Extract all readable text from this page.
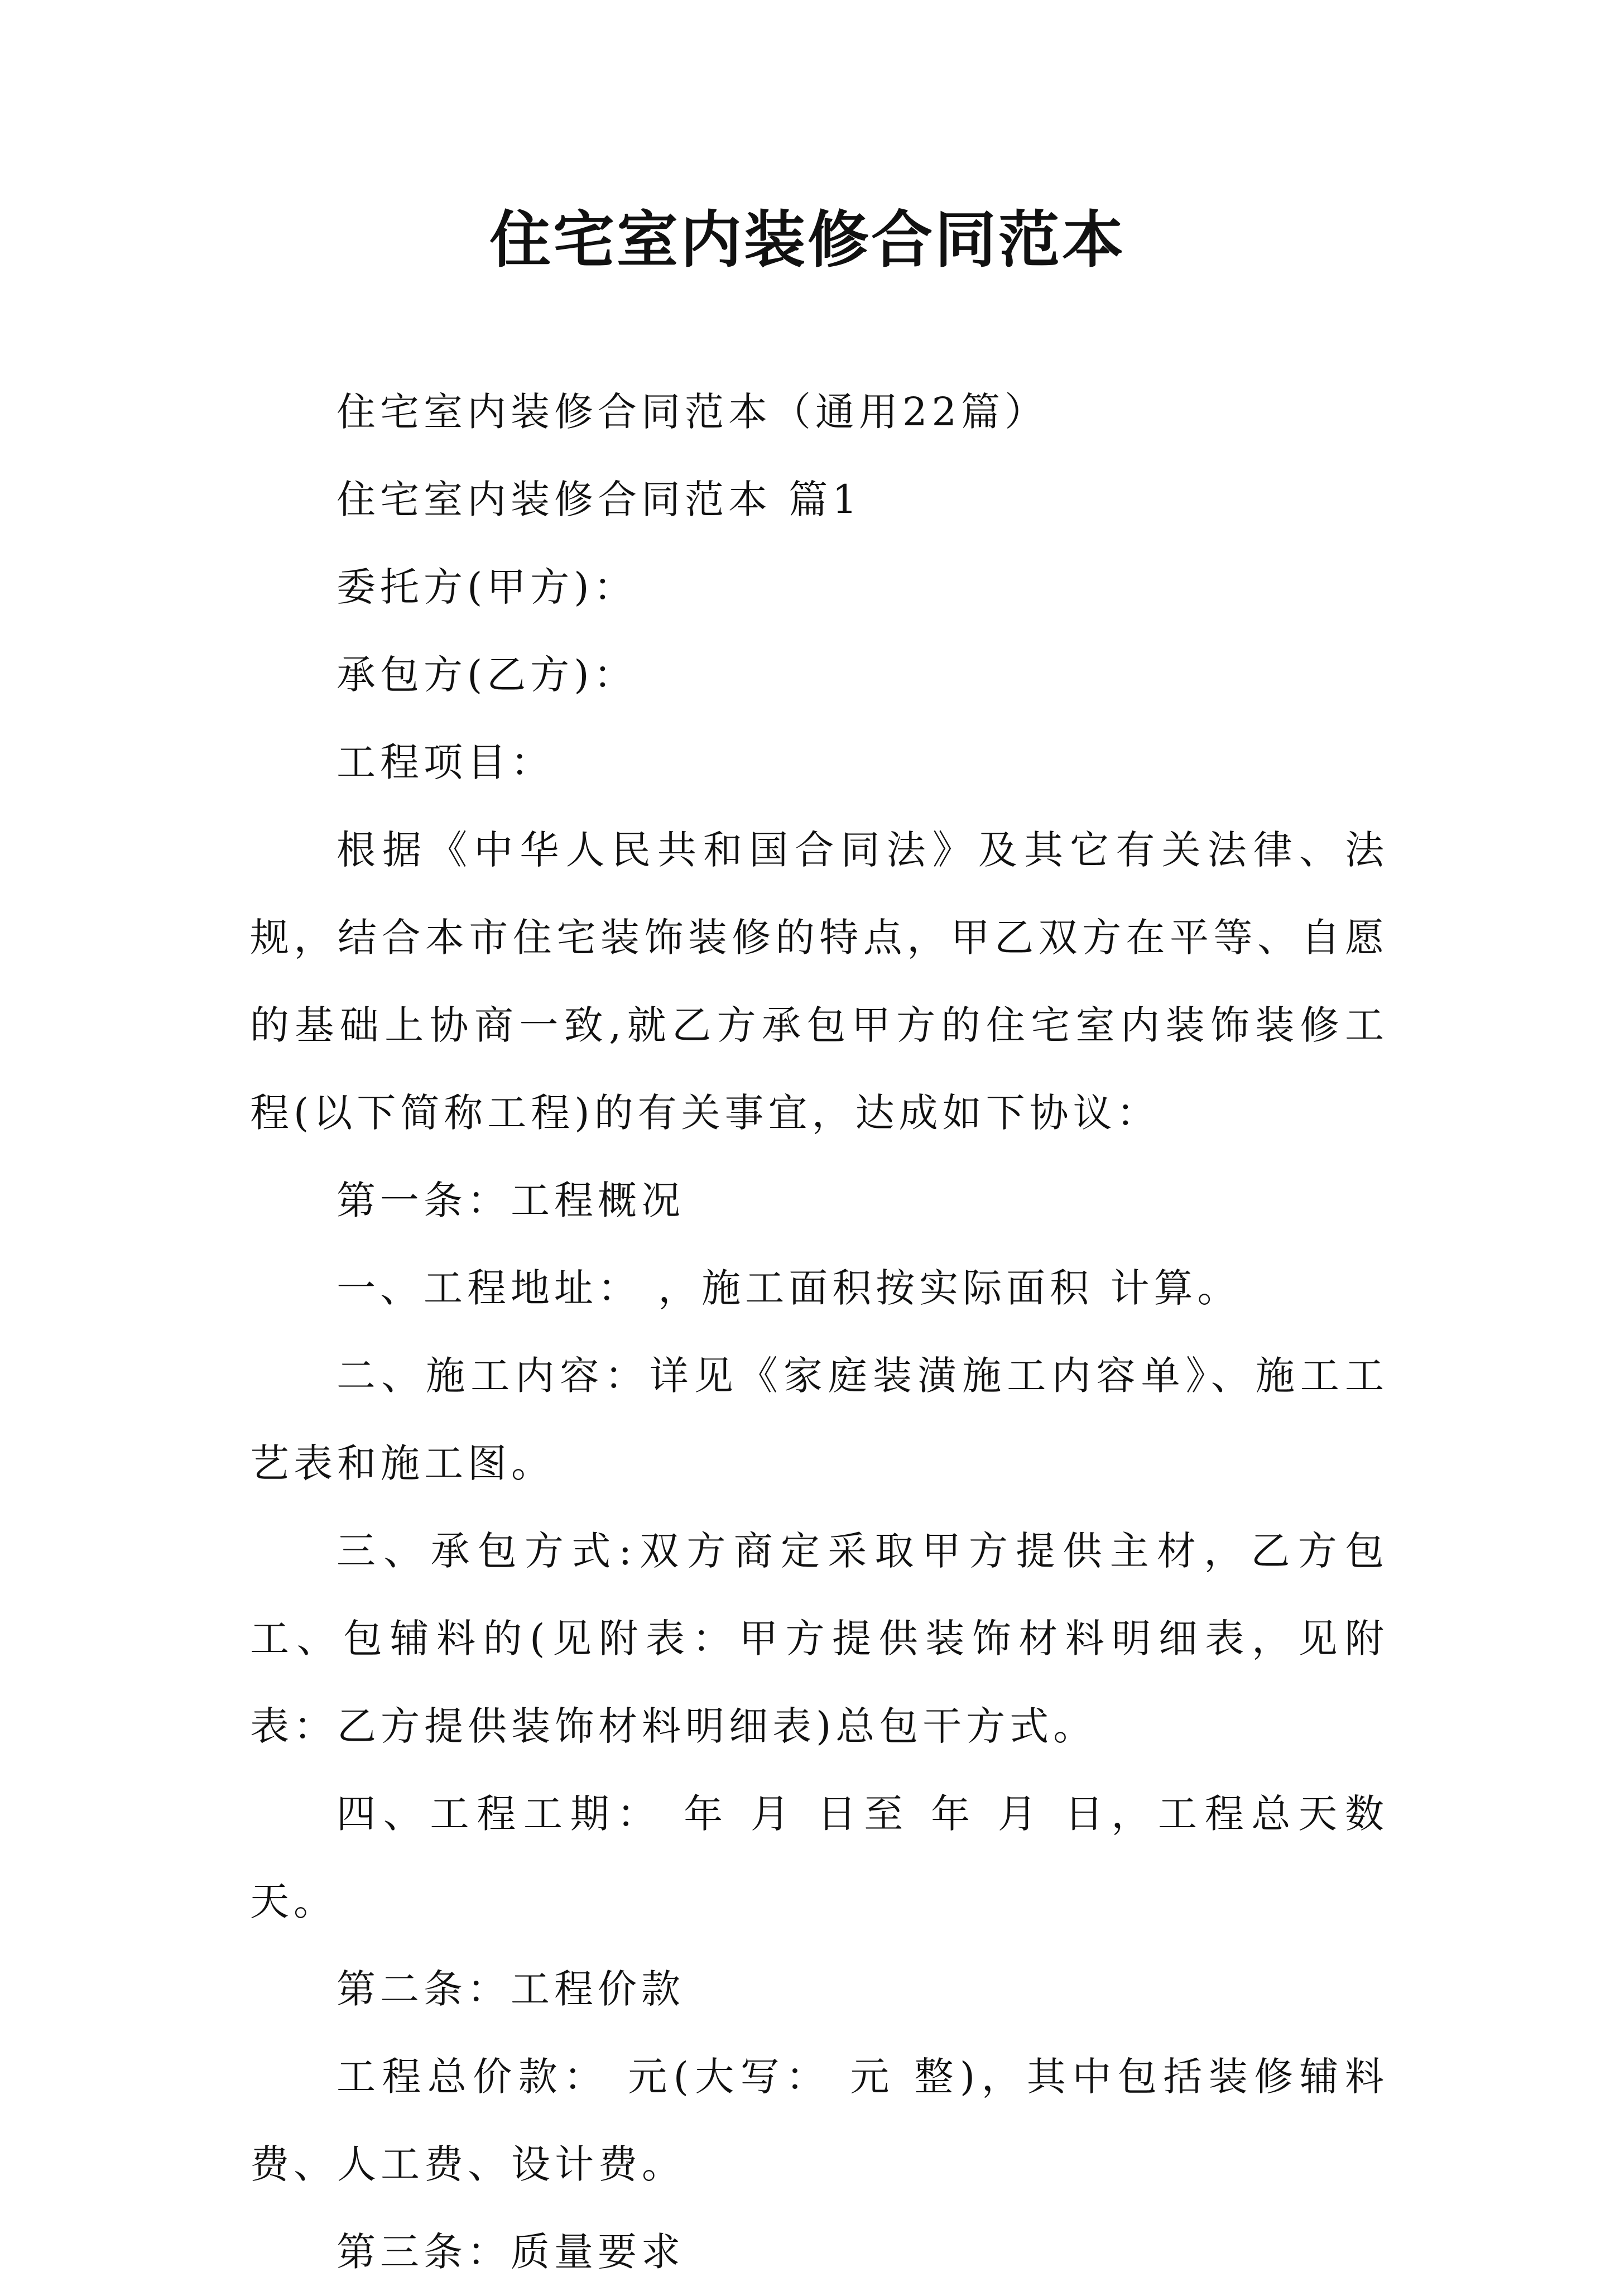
住宅室内装修合同范本

住宅室内装修合同范本（通用22篇）

住宅室内装修合同范本 篇1

委托方(甲方)：

承包方(乙方)：

工程项目：

根据《中华人民共和国合同法》及其它有关法律、法规，结合本市住宅装饰装修的特点，甲乙双方在平等、自愿的基础上协商一致,就乙方承包甲方的住宅室内装饰装修工程(以下简称工程)的有关事宜，达成如下协议：

第一条：工程概况

一、工程地址： ，施工面积按实际面积 计算。

二、施工内容：详见《家庭装潢施工内容单》、施工工艺表和施工图。

三、承包方式:双方商定采取甲方提供主材，乙方包工、包辅料的(见附表：甲方提供装饰材料明细表，见附表：乙方提供装饰材料明细表)总包干方式。

四、工程工期： 年 月 日至 年 月 日，工程总天数 天。

第二条：工程价款

工程总价款： 元(大写： 元 整)，其中包括装修辅料费、人工费、设计费。

第三条：质量要求
